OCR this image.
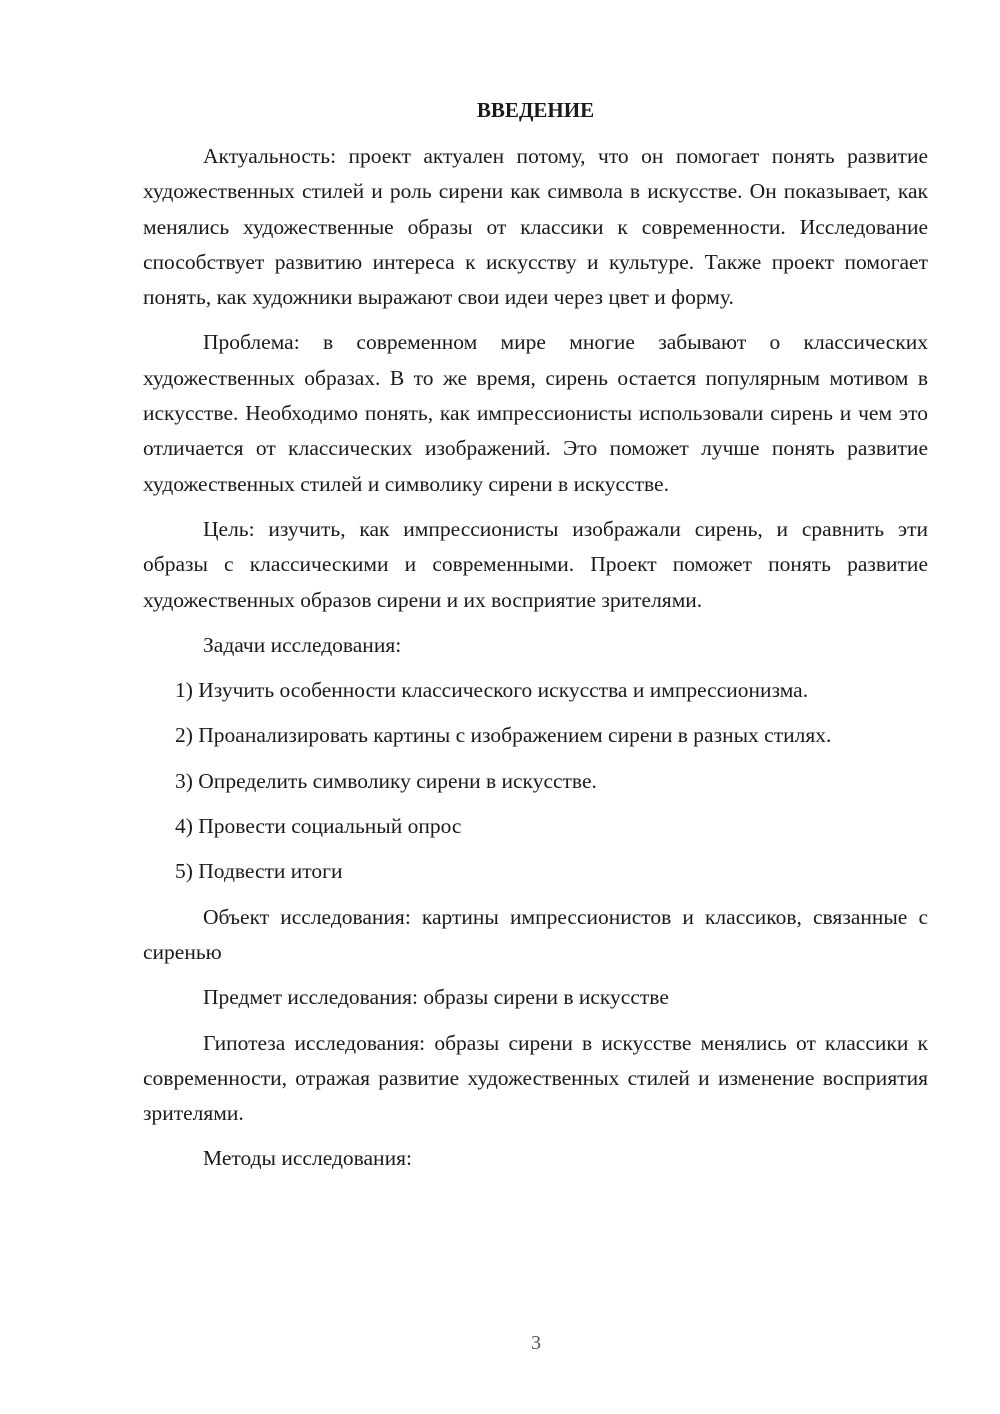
ВВЕДЕНИЕ

Актуальность: проект актуален потому, что он помогает понять развитие художественных стилей и роль сирени как символа в искусстве. Он показывает, как менялись художественные образы от классики к современности. Исследование способствует развитию интереса к искусству и культуре. Также проект помогает понять, как художники выражают свои идеи через цвет и форму.

Проблема: в современном мире многие забывают о классических художественных образах. В то же время, сирень остается популярным мотивом в искусстве. Необходимо понять, как импрессионисты использовали сирень и чем это отличается от классических изображений. Это поможет лучше понять развитие художественных стилей и символику сирени в искусстве.

Цель: изучить, как импрессионисты изображали сирень, и сравнить эти образы с классическими и современными. Проект поможет понять развитие художественных образов сирени и их восприятие зрителями.

Задачи исследования:

1) Изучить особенности классического искусства и импрессионизма.

2) Проанализировать картины с изображением сирени в разных стилях.

3) Определить символику сирени в искусстве.

4) Провести социальный опрос

5) Подвести итоги

Объект исследования: картины импрессионистов и классиков, связанные с сиренью

Предмет исследования: образы сирени в искусстве

Гипотеза исследования: образы сирени в искусстве менялись от классики к современности, отражая развитие художественных стилей и изменение восприятия зрителями.

Методы исследования:

3
